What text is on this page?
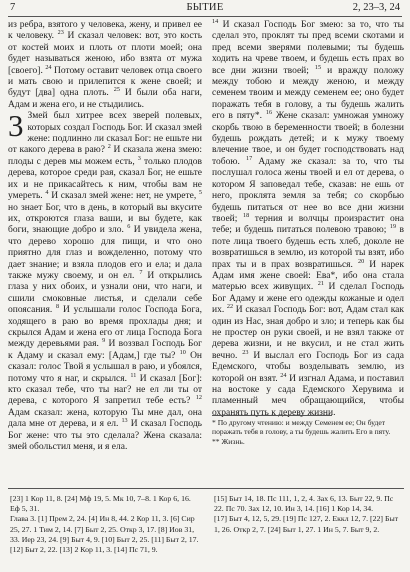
7	БЫТИЕ	2, 23–3, 24

из ребра, взятого у человека, жену, и привел ее к человеку. $^{23}$ И сказал человек: вот, это кость от костей моих и плоть от плоти моей; она будет называться женою, ибо взята от мужа [своего]. $^{24}$ Потому оставит человек отца своего и мать свою и прилепится к жене своей; и будут [два] одна плоть. $^{25}$ И были оба наги, Адам и жена его, и не стыдились.

3 Змей был хитрее всех зверей полевых, которых создал Господь Бог. И сказал змей жене: подлинно ли сказал Бог: не ешьте ни от какого дерева в раю? $^2$ И сказала жена змею: плоды с дерев мы можем есть, $^3$ только плодов дерева, которое среди рая, сказал Бог, не ешьте их и не прикасайтесь к ним, чтобы вам не умереть. $^4$ И сказал змей жене: нет, не умрете, $^5$ но знает Бог, что в день, в который вы вкусите их, откроются глаза ваши, и вы будете, как боги, знающие добро и зло. $^6$ И увидела жена, что дерево хорошо для пищи, и что оно приятно для глаз и вожделенно, потому что дает знание; и взяла плодов его и ела; и дала также мужу своему, и он ел. $^7$ И открылись глаза у них обоих, и узнали они, что наги, и сшили смоковные листья, и сделали себе опоясания. $^8$ И услышали голос Господа Бога, ходящего в раю во время прохлады дня; и скрылся Адам и жена его от лица Господа Бога между деревьями рая. $^9$ И воззвал Господь Бог к Адаму и сказал ему: [Адам,] где ты? $^{10}$ Он сказал: голос Твой я услышал в раю, и убоялся, потому что я наг, и скрылся. $^{11}$ И сказал [Бог]: кто сказал тебе, что ты наг? не ел ли ты от дерева, с которого Я запретил тебе есть? $^{12}$ Адам сказал: жена, которую Ты мне дал, она дала мне от дерева, и я ел. $^{13}$ И сказал Господь Бог жене: что ты это сделала? Жена сказала: змей обольстил меня, и я ела.

$^{14}$ И сказал Господь Бог змею: за то, что ты сделал это, проклят ты пред всеми скотами и пред всеми зверями полевыми; ты будешь ходить на чреве твоем, и будешь есть прах во все дни жизни твоей; $^{15}$ и вражду положу между тобою и между женою, и между семенем твоим и между семенем ее; оно будет поражать тебя в голову, а ты будешь жалить его в пяту*. $^{16}$ Жене сказал: умножая умножу скорбь твою в беременности твоей; в болезни будешь рождать детей; и к мужу твоему влечение твое, и он будет господствовать над тобою. $^{17}$ Адаму же сказал: за то, что ты послушал голоса жены твоей и ел от дерева, о котором Я заповедал тебе, сказав: не ешь от него, проклята земля за тебя; со скорбью будешь питаться от нее во все дни жизни твоей; $^{18}$ терния и волчцы произрастит она тебе; и будешь питаться полевою травою; $^{19}$ в поте лица твоего будешь есть хлеб, доколе не возвратишься в землю, из которой ты взят, ибо прах ты и в прах возвратишься. $^{20}$ И нарек Адам имя жене своей: Ева*, ибо она стала матерью всех живущих. $^{21}$ И сделал Господь Бог Адаму и жене его одежды кожаные и одел их. $^{22}$ И сказал Господь Бог: вот, Адам стал как один из Нас, зная добро и зло; и теперь как бы не простер он руки своей, и не взял также от дерева жизни, и не вкусил, и не стал жить вечно. $^{23}$ И выслал его Господь Бог из сада Едемского, чтобы возделывать землю, из которой он взят. $^{24}$ И изгнал Адама, и поставил на востоке у сада Едемского Херувима и пламенный меч обращающийся, чтобы охранять путь к дереву жизни.

* По другому чтению: и между Семенем ее; Он будет поражать тебя в голову, а ты будешь жалить Его в пяту.

** Жизнь.

[23] 1 Кор 11, 8. [24] Мф 19, 5. Мк 10, 7–8. 1 Кор 6, 16. Еф 5, 31.

Глава 3. [1] Прем 2, 24. [4] Ин 8, 44. 2 Кор 11, 3. [6] Сир 25, 27. 1 Тим 2, 14. [7] Быт 2, 25. Откр 3, 17. [8] Иов 31, 33. Иер 23, 24. [9] Быт 4, 9. [10] Быт 2, 25. [11] Быт 2, 17. [12] Быт 2, 22. [13] 2 Кор 11, 3. [14] Пс 71, 9.

[15] Быт 14, 18. Пс 111, 1, 2, 4. Зах 6, 13. Быт 22, 9. Пс 22. Пс 70. Зах 12, 10. Ин 3, 14. [16] 1 Кор 14, 34.

[17] Быт 4, 12, 5, 29. [19] Пс 127, 2. Еккл 12, 7. [22] Быт 1, 26. Откр 2, 7. [24] Быт 1, 27. 1 Ин 5, 7. Быт 9, 2.
